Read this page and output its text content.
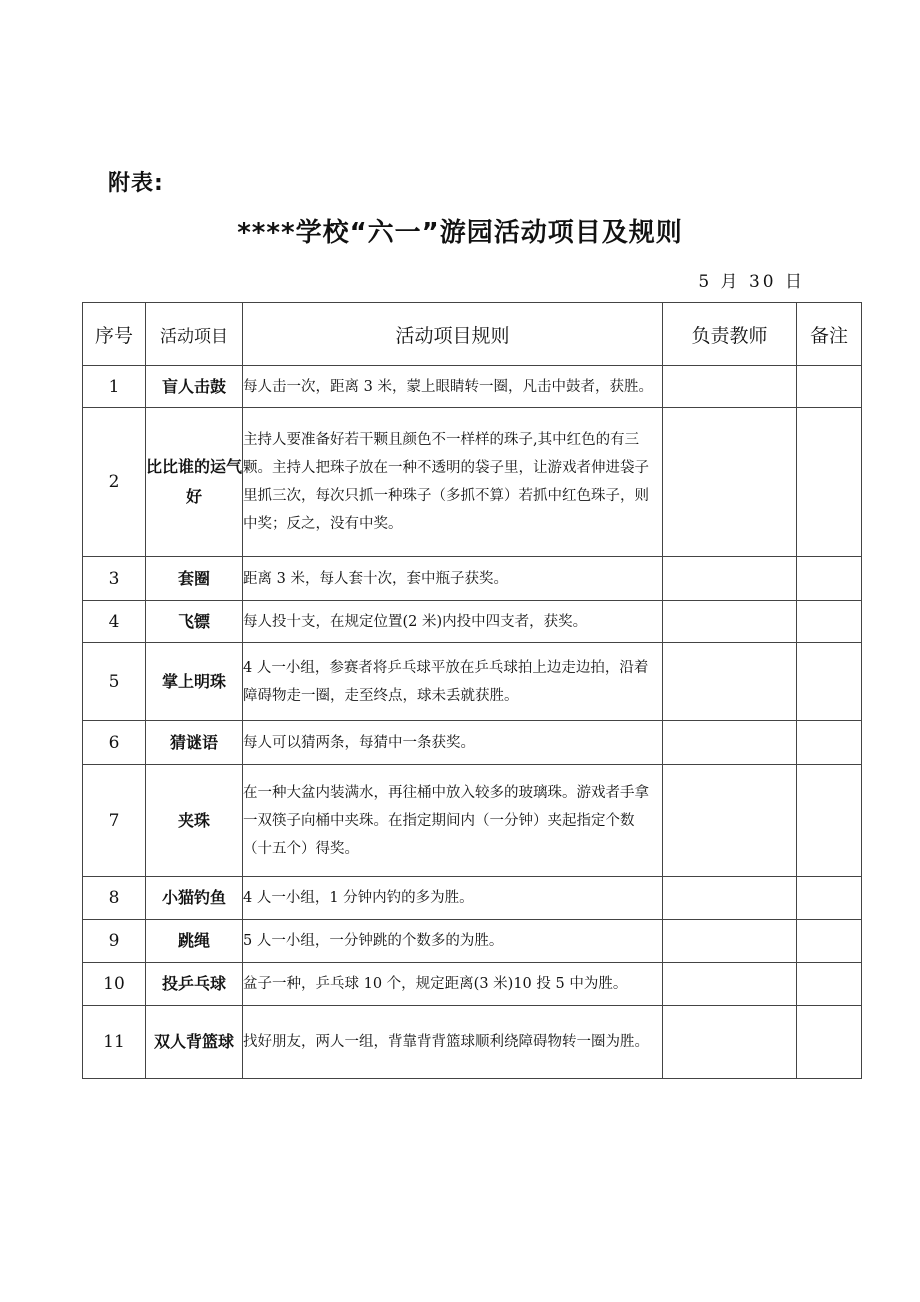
附表:
****学校“六一”游园活动项目及规则
5 月 30 日
序号	活动项目	活动项目规则	负责教师	备注
1	盲人击鼓	每人击一次，距离 3 米，蒙上眼睛转一圈，凡击中鼓者，获胜。		
2	比比谁的运气好	主持人要准备好若干颗且颜色不一样样的珠子,其中红色的有三颗。主持人把珠子放在一种不透明的袋子里，让游戏者伸进袋子里抓三次，每次只抓一种珠子（多抓不算）若抓中红色珠子，则中奖；反之，没有中奖。		
3	套圈	距离 3 米，每人套十次，套中瓶子获奖。		
4	飞镖	每人投十支，在规定位置(2 米)内投中四支者，获奖。		
5	掌上明珠	4 人一小组，参赛者将乒乓球平放在乒乓球拍上边走边拍，沿着障碍物走一圈，走至终点，球未丢就获胜。		
6	猜谜语	每人可以猜两条，每猜中一条获奖。		
7	夹珠	在一种大盆内装满水，再往桶中放入较多的玻璃珠。游戏者手拿一双筷子向桶中夹珠。在指定期间内（一分钟）夹起指定个数（十五个）得奖。		
8	小猫钓鱼	4 人一小组，1 分钟内钓的多为胜。		
9	跳绳	5 人一小组，一分钟跳的个数多的为胜。		
10	投乒乓球	盆子一种，乒乓球 10 个，规定距离(3 米)10 投 5 中为胜。		
11	双人背篮球	找好朋友，两人一组，背靠背背篮球顺利绕障碍物转一圈为胜。		
